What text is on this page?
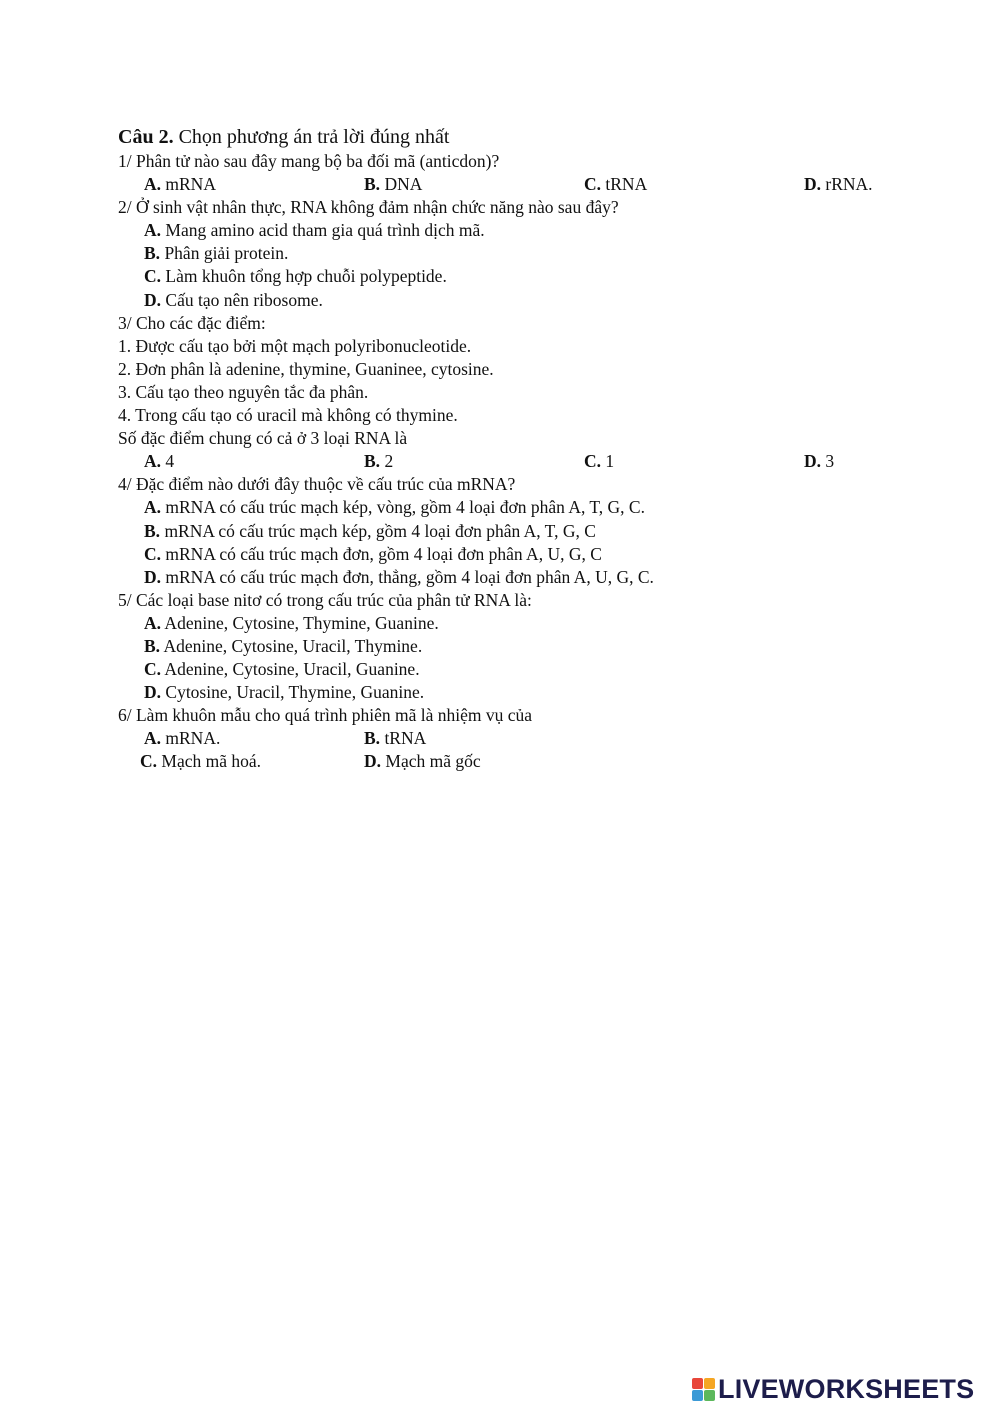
Câu 2. Chọn phương án trả lời đúng nhất
1/ Phân tử nào sau đây mang bộ ba đối mã (anticdon)?
A. mRNA	B. DNA	C. tRNA	D. rRNA.
2/ Ở sinh vật nhân thực, RNA không đảm nhận chức năng nào sau đây?
A. Mang amino acid tham gia quá trình dịch mã.
B. Phân giải protein.
C. Làm khuôn tổng hợp chuỗi polypeptide.
D. Cấu tạo nên ribosome.
3/ Cho các đặc điểm:
1. Được cấu tạo bởi một mạch polyribonucleotide.
2. Đơn phân là adenine, thymine, Guaninee, cytosine.
3. Cấu tạo theo nguyên tắc đa phân.
4. Trong cấu tạo có uracil mà không có thymine.
Số đặc điểm chung có cả ở 3 loại RNA là
A. 4	B. 2	C. 1	D. 3
4/ Đặc điểm nào dưới đây thuộc về cấu trúc của mRNA?
A. mRNA có cấu trúc mạch kép, vòng, gồm 4 loại đơn phân A, T, G, C.
B. mRNA có cấu trúc mạch kép, gồm 4 loại đơn phân A, T, G, C
C. mRNA có cấu trúc mạch đơn, gồm 4 loại đơn phân A, U, G, C
D. mRNA có cấu trúc mạch đơn, thẳng, gồm 4 loại đơn phân A, U, G, C.
5/ Các loại base nitơ có trong cấu trúc của phân tử RNA là:
A. Adenine, Cytosine, Thymine, Guanine.
B. Adenine, Cytosine, Uracil, Thymine.
C. Adenine, Cytosine, Uracil, Guanine.
D. Cytosine, Uracil, Thymine, Guanine.
6/ Làm khuôn mẫu cho quá trình phiên mã là nhiệm vụ của
A. mRNA.	B. tRNA
C. Mạch mã hoá.	D. Mạch mã gốc
LIVEWORKSHEETS
